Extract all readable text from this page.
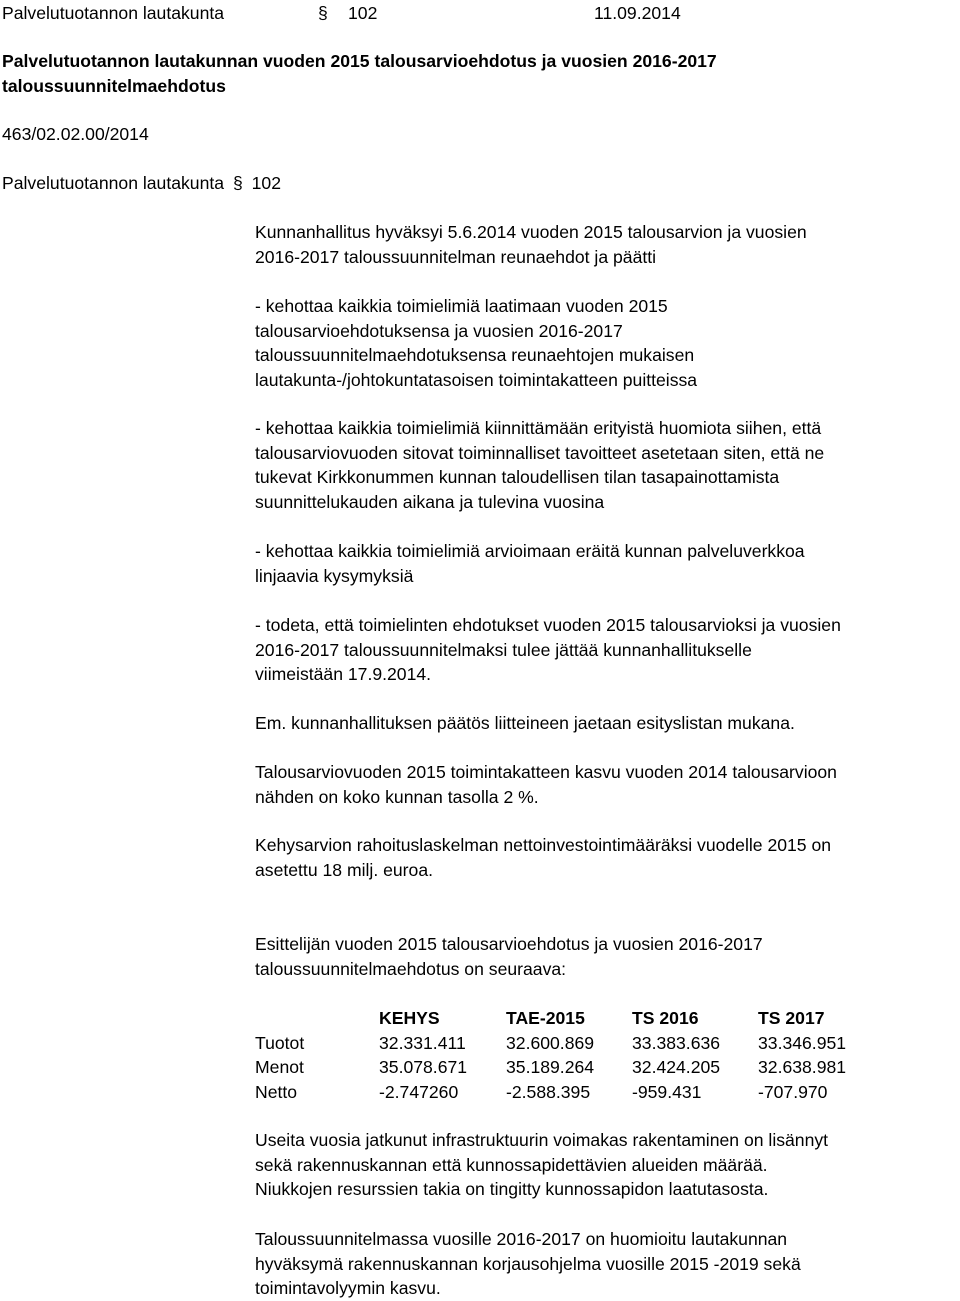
Palvelutuotannon lautakunta	§ 102	11.09.2014
Palvelutuotannon lautakunnan vuoden 2015 talousarvioehdotus ja vuosien 2016-2017
taloussuunnitelmaehdotus
463/02.02.00/2014
Palvelutuotannon lautakunta § 102
Kunnanhallitus hyväksyi 5.6.2014 vuoden 2015 talousarvion ja vuosien
2016-2017 taloussuunnitelman reunaehdot ja päätti
- kehottaa kaikkia toimielimiä laatimaan vuoden 2015
talousarvioehdotuksensa ja vuosien 2016-2017
taloussuunnitelmaehdotuksensa reunaehtojen mukaisen
lautakunta-/johtokuntatasoisen toimintakatteen puitteissa
- kehottaa kaikkia toimielimiä kiinnittämään erityistä huomiota siihen, että
talousarviovuoden sitovat toiminnalliset tavoitteet asetetaan siten, että ne
tukevat Kirkkonummen kunnan taloudellisen tilan tasapainottamista
suunnittelukauden aikana ja tulevina vuosina
- kehottaa kaikkia toimielimiä arvioimaan eräitä kunnan palveluverkkoa
linjaavia kysymyksiä
- todeta, että toimielinten ehdotukset vuoden 2015 talousarvioksi ja vuosien
2016-2017 taloussuunnitelmaksi tulee jättää kunnanhallitukselle
viimeistään 17.9.2014.
Em. kunnanhallituksen päätös liitteineen jaetaan esityslistan mukana.
Talousarviovuoden 2015 toimintakatteen kasvu vuoden 2014 talousarvioon
nähden on koko kunnan tasolla 2 %.
Kehysarvion rahoituslaskelman nettoinvestointimääräksi vuodelle 2015 on
asetettu 18 milj. euroa.
Esittelijän vuoden 2015 talousarvioehdotus ja vuosien 2016-2017
taloussuunnitelmaehdotus on seuraava:
	KEHYS	TAE-2015	TS 2016	TS 2017
Tuotot	32.331.411	32.600.869	33.383.636	33.346.951
Menot	35.078.671	35.189.264	32.424.205	32.638.981
Netto	-2.747260	-2.588.395	-959.431	-707.970
Useita vuosia jatkunut infrastruktuurin voimakas rakentaminen on lisännyt
sekä rakennuskannan että kunnossapidettävien alueiden määrää.
Niukkojen resurssien takia on tingitty kunnossapidon laatutasosta.
Taloussuunnitelmassa vuosille 2016-2017 on huomioitu lautakunnan
hyväksymä rakennuskannan korjausohjelma vuosille 2015 -2019 sekä
toimintavolyymin kasvu.
